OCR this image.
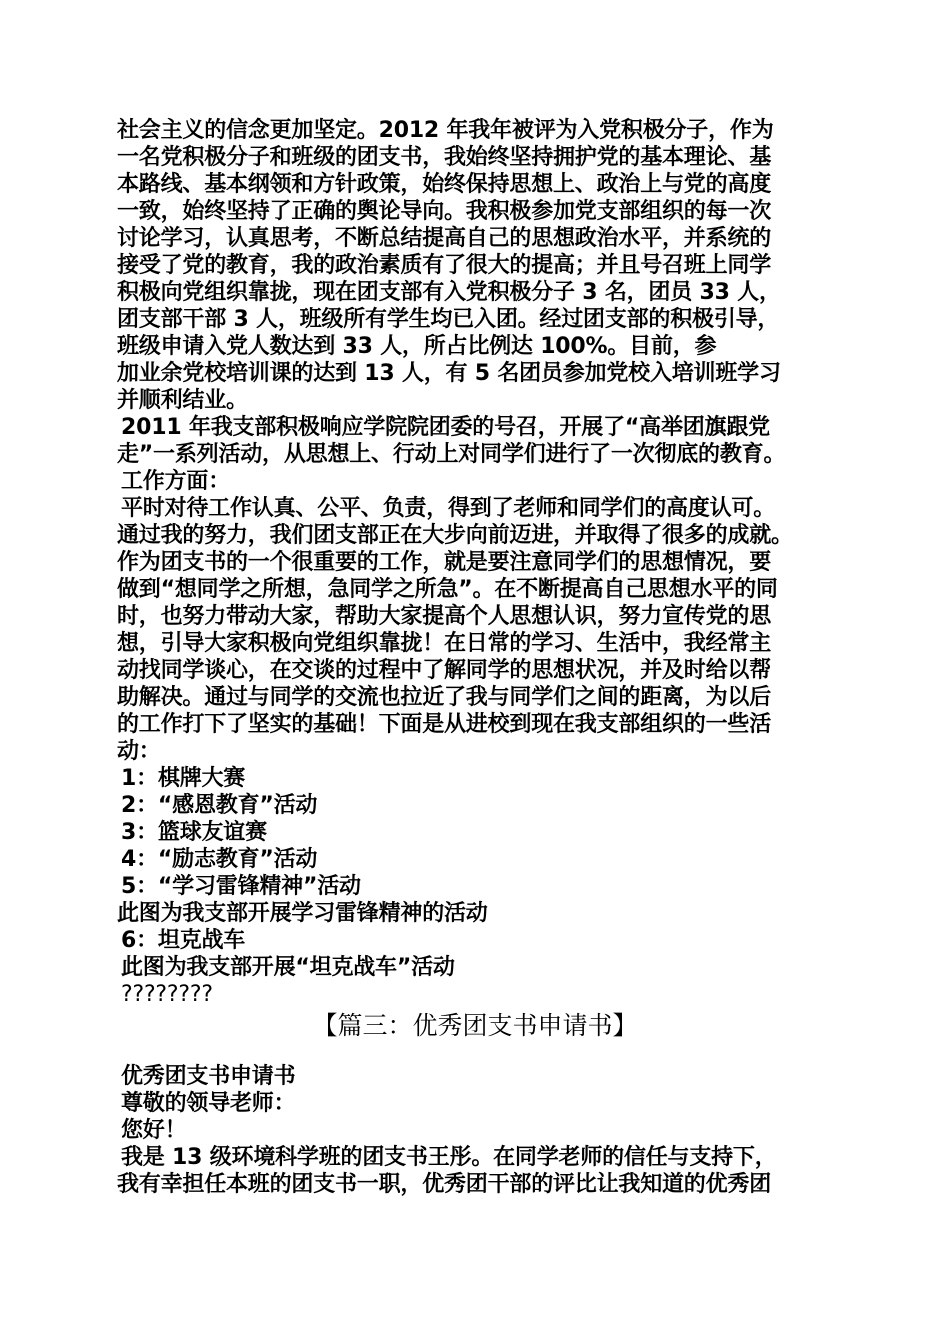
社会主义的信念更加坚定。2012 年我年被评为入党积极分子，作为
一名党积极分子和班级的团支书，我始终坚持拥护党的基本理论、基
本路线、基本纲领和方针政策，始终保持思想上、政治上与党的高度
一致，始终坚持了正确的舆论导向。我积极参加党支部组织的每一次
讨论学习，认真思考，不断总结提高自己的思想政治水平，并系统的
接受了党的教育，我的政治素质有了很大的提高；并且号召班上同学
积极向党组织靠拢，现在团支部有入党积极分子 3 名，团员 33 人，
团支部干部 3 人，班级所有学生均已入团。经过团支部的积极引导，
班级申请入党人数达到 33 人，所占比例达 100%。目前，参
加业余党校培训课的达到 13 人，有 5 名团员参加党校入培训班学习
并顺利结业。
2011 年我支部积极响应学院院团委的号召，开展了“高举团旗跟党
走”一系列活动，从思想上、行动上对同学们进行了一次彻底的教育。
工作方面：
平时对待工作认真、公平、负责，得到了老师和同学们的高度认可。
通过我的努力，我们团支部正在大步向前迈进，并取得了很多的成就。
作为团支书的一个很重要的工作，就是要注意同学们的思想情况，要
做到“想同学之所想，急同学之所急”。在不断提高自己思想水平的同
时，也努力带动大家，帮助大家提高个人思想认识，努力宣传党的思
想，引导大家积极向党组织靠拢！在日常的学习、生活中，我经常主
动找同学谈心，在交谈的过程中了解同学的思想状况，并及时给以帮
助解决。通过与同学的交流也拉近了我与同学们之间的距离，为以后
的工作打下了坚实的基础！下面是从进校到现在我支部组织的一些活
动：
1：棋牌大赛
2：“感恩教育”活动
3：篮球友谊赛
4：“励志教育”活动
5：“学习雷锋精神”活动
此图为我支部开展学习雷锋精神的活动
6：坦克战车
此图为我支部开展“坦克战车”活动
????????
【篇三：优秀团支书申请书】
优秀团支书申请书
尊敬的领导老师：
您好！
我是 13 级环境科学班的团支书王彤。在同学老师的信任与支持下，
我有幸担任本班的团支书一职，优秀团干部的评比让我知道的优秀团
